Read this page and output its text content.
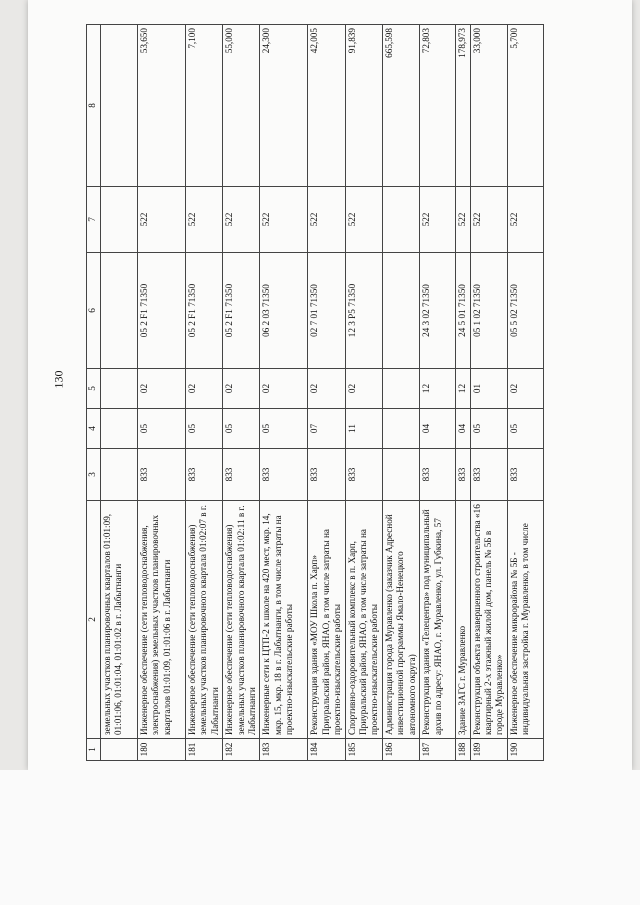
130
1	2	3	4	5	6	7	8
	земельных участков планировочных кварталов 01:01:09, 01:01:06, 01:01:04, 01:01:02 в г. Лабытнанги						
180	Инженерное обеспечение (сети тепловодоснабжения, электроснабжения) земельных участков планировочных кварталов 01:01:09, 01:01:06 в г. Лабытнанги	833	05	02	05 2 F1 71350	522	53,650
181	Инженерное обеспечение (сети тепловодоснабжения) земельных участков планировочного квартала 01:02:07 в г. Лабытнанги	833	05	02	05 2 F1 71350	522	7,100
182	Инженерное обеспечение (сети тепловодоснабжения) земельных участков планировочного квартала 01:02:11 в г. Лабытнанги	833	05	02	05 2 F1 71350	522	55,000
183	Инженерные сети к ЦТП-2 к школе на 420 мест, мкр. 14, мкр. 15, мкр. 18 в г. Лабытнанги, в том числе затраты на проектно-изыскательские работы	833	05	02	06 2 03 71350	522	24,300
184	Реконструкция здания «МОУ Школа п. Харп» Приуральский район, ЯНАО, в том числе затраты на проектно-изыскательские работы	833	07	02	02 7 01 71350	522	42,005
185	Спортивно-оздоровительный комплекс в п. Харп, Приуральский район, ЯНАО, в том числе затраты на проектно-изыскательские работы	833	11	02	12 3 P5 71350	522	91,839
186	Администрация города Муравленко (заказчик Адресной инвестиционной программы Ямало-Ненецкого автономного округа)						665,598
187	Реконструкция здания «Телецентра» под муниципальный архив по адресу: ЯНАО, г. Муравленко, ул. Губкина, 57	833	04	12	24 3 02 71350	522	72,803
188	Здание ЗАГС г. Муравленко	833	04	12	24 5 01 71350	522	178,973
189	Реконструкция объекта незавершенного строительства «16 квартирный 2-х этажный жилой дом, панель № 5Б в городе Муравленко»	833	05	01	05 1 02 71350	522	33,000
190	Инженерное обеспечение микрорайона № 5Б - индивидуальная застройка г. Муравленко, в том числе	833	05	02	05 5 02 71350	522	5,700
